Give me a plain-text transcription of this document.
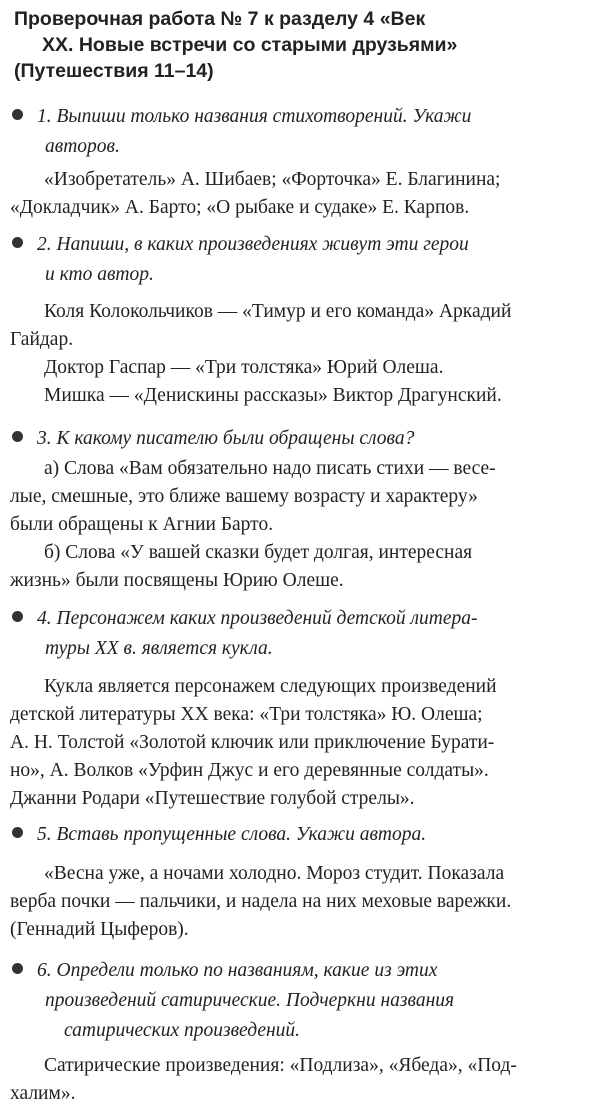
Проверочная работа № 7 к разделу 4 «Век
XX. Новые встречи со старыми друзьями»
(Путешествия 11–14)
1. Выпиши только названия стихотворений. Укажи
авторов.
«Изобретатель» А. Шибаев; «Форточка» Е. Благинина;
«Докладчик» А. Барто; «О рыбаке и судаке» Е. Карпов.
2. Напиши, в каких произведениях живут эти герои
и кто автор.
Коля Колокольчиков — «Тимур и его команда» Аркадий
Гайдар.
Доктор Гаспар — «Три толстяка» Юрий Олеша.
Мишка — «Денискины рассказы» Виктор Драгунский.
3. К какому писателю были обращены слова?
а) Слова «Вам обязательно надо писать стихи — весе-
лые, смешные, это ближе вашему возрасту и характеру»
были обращены к Агнии Барто.
б) Слова «У вашей сказки будет долгая, интересная
жизнь» были посвящены Юрию Олеше.
4. Персонажем каких произведений детской литера-
туры XX в. является кукла.
Кукла является персонажем следующих произведений
детской литературы XX века: «Три толстяка» Ю. Олеша;
А. Н. Толстой «Золотой ключик или приключение Бурати-
но», А. Волков «Урфин Джус и его деревянные солдаты».
Джанни Родари «Путешествие голубой стрелы».
5. Вставь пропущенные слова. Укажи автора.
«Весна уже, а ночами холодно. Мороз студит. Показала
верба почки — пальчики, и надела на них меховые варежки.
(Геннадий Цыферов).
6. Определи только по названиям, какие из этих
произведений сатирические. Подчеркни названия
сатирических произведений.
Сатирические произведения: «Подлиза», «Ябеда», «Под-
халим».
